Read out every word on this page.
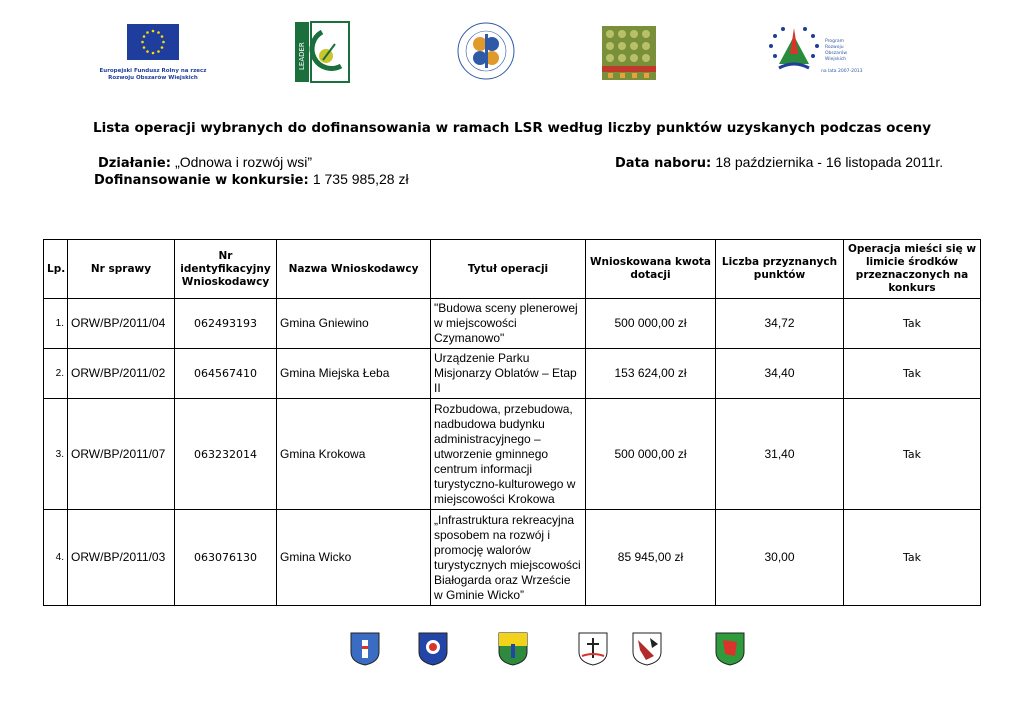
Europejski Fundusz Rolny na rzecz Rozwoju Obszarów Wiejskich
LEADER
Program
Rozwoju
Obszarów
Wiejskich
na lata 2007-2013
Lista operacji wybranych do dofinansowania w ramach LSR według liczby punktów uzyskanych podczas oceny
Działanie: „Odnowa i rozwój wsi”	Data naboru: 18 października - 16 listopada 2011r.
Dofinansowanie w konkursie: 1 735 985,28 zł
Lp.	Nr sprawy	Nr identyfikacyjny Wnioskodawcy	Nazwa Wnioskodawcy	Tytuł operacji	Wnioskowana kwota dotacji	Liczba przyznanych punktów	Operacja mieści się w limicie środków przeznaczonych na konkurs
1.	ORW/BP/2011/04	062493193	Gmina Gniewino	"Budowa sceny plenerowej w miejscowości Czymanowo"	500 000,00 zł	34,72	Tak
2.	ORW/BP/2011/02	064567410	Gmina Miejska Łeba	Urządzenie Parku Misjonarzy Oblatów – Etap II	153 624,00 zł	34,40	Tak
3.	ORW/BP/2011/07	063232014	Gmina Krokowa	Rozbudowa, przebudowa, nadbudowa budynku administracyjnego – utworzenie gminnego centrum informacji turystyczno-kulturowego w miejscowości Krokowa	500 000,00 zł	31,40	Tak
4.	ORW/BP/2011/03	063076130	Gmina Wicko	„Infrastruktura rekreacyjna sposobem na rozwój i promocję walorów turystycznych miejscowości Białogarda oraz Wrzeście w Gminie Wicko”	85 945,00 zł	30,00	Tak
